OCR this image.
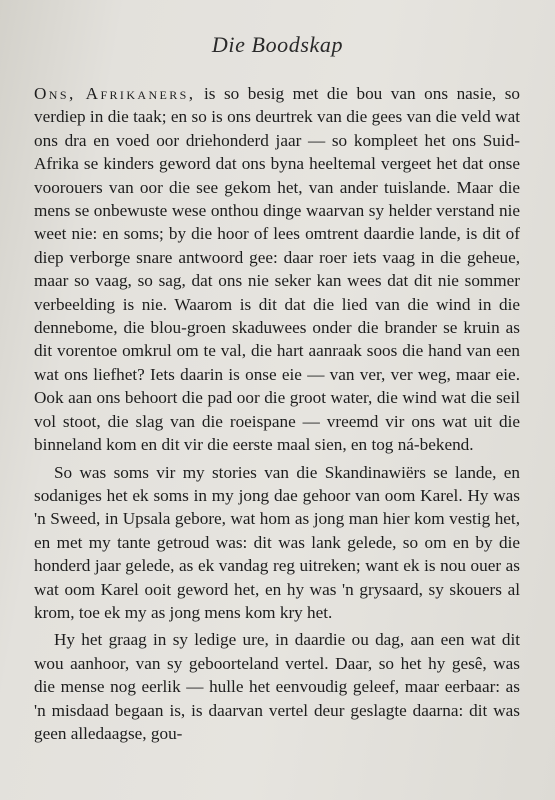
Die Boodskap

Ons, Afrikaners, is so besig met die bou van ons nasie, so verdiep in die taak; en so is ons deurtrek van die gees van die veld wat ons dra en voed oor driehonderd jaar — so kompleet het ons Suid-Afrika se kinders geword dat ons byna heeltemal vergeet het dat onse voorouers van oor die see gekom het, van ander tuislande. Maar die mens se onbewuste wese onthou dinge waarvan sy helder verstand nie weet nie: en soms; by die hoor of lees omtrent daardie lande, is dit of diep verborge snare antwoord gee: daar roer iets vaag in die geheue, maar so vaag, so sag, dat ons nie seker kan wees dat dit nie sommer verbeelding is nie. Waarom is dit dat die lied van die wind in die dennebome, die blou-groen skaduwees onder die brander se kruin as dit vorentoe omkrul om te val, die hart aanraak soos die hand van een wat ons liefhet? Iets daarin is onse eie — van ver, ver weg, maar eie. Ook aan ons behoort die pad oor die groot water, die wind wat die seil vol stoot, die slag van die roeispane — vreemd vir ons wat uit die binneland kom en dit vir die eerste maal sien, en tog ná-bekend.

So was soms vir my stories van die Skandinawiërs se lande, en sodaniges het ek soms in my jong dae gehoor van oom Karel. Hy was 'n Sweed, in Upsala gebore, wat hom as jong man hier kom vestig het, en met my tante getroud was: dit was lank gelede, so om en by die honderd jaar gelede, as ek vandag reg uitreken; want ek is nou ouer as wat oom Karel ooit geword het, en hy was 'n grysaard, sy skouers al krom, toe ek my as jong mens kom kry het.

Hy het graag in sy ledige ure, in daardie ou dag, aan een wat dit wou aanhoor, van sy geboorteland vertel. Daar, so het hy gesê, was die mense nog eerlik — hulle het eenvoudig geleef, maar eerbaar: as 'n misdaad begaan is, is daarvan vertel deur geslagte daarna: dit was geen alledaagse, gou-
